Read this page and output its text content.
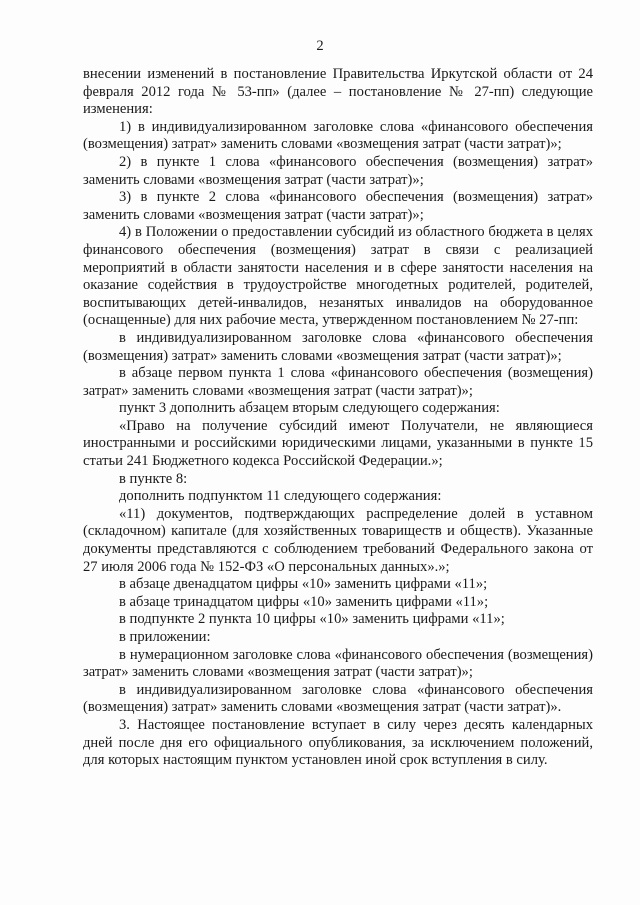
2

внесении изменений в постановление Правительства Иркутской области от 24 февраля 2012 года № 53-пп» (далее – постановление № 27-пп) следующие изменения:

1) в индивидуализированном заголовке слова «финансового обеспечения (возмещения) затрат» заменить словами «возмещения затрат (части затрат)»;

2) в пункте 1 слова «финансового обеспечения (возмещения) затрат» заменить словами «возмещения затрат (части затрат)»;

3) в пункте 2 слова «финансового обеспечения (возмещения) затрат» заменить словами «возмещения затрат (части затрат)»;

4) в Положении о предоставлении субсидий из областного бюджета в целях финансового обеспечения (возмещения) затрат в связи с реализацией мероприятий в области занятости населения и в сфере занятости населения на оказание содействия в трудоустройстве многодетных родителей, родителей, воспитывающих детей-инвалидов, незанятых инвалидов на оборудованное (оснащенные) для них рабочие места, утвержденном постановлением № 27-пп:

в индивидуализированном заголовке слова «финансового обеспечения (возмещения) затрат» заменить словами «возмещения затрат (части затрат)»;

в абзаце первом пункта 1 слова «финансового обеспечения (возмещения) затрат» заменить словами «возмещения затрат (части затрат)»;

пункт 3 дополнить абзацем вторым следующего содержания:

«Право на получение субсидий имеют Получатели, не являющиеся иностранными и российскими юридическими лицами, указанными в пункте 15 статьи 241 Бюджетного кодекса Российской Федерации.»;

в пункте 8:

дополнить подпунктом 11 следующего содержания:

«11) документов, подтверждающих распределение долей в уставном (складочном) капитале (для хозяйственных товариществ и обществ). Указанные документы представляются с соблюдением требований Федерального закона от 27 июля 2006 года № 152-ФЗ «О персональных данных».»;

в абзаце двенадцатом цифры «10» заменить цифрами «11»;

в абзаце тринадцатом цифры «10» заменить цифрами «11»;

в подпункте 2 пункта 10 цифры «10» заменить цифрами «11»;

в приложении:

в нумерационном заголовке слова «финансового обеспечения (возмещения) затрат» заменить словами «возмещения затрат (части затрат)»;

в индивидуализированном заголовке слова «финансового обеспечения (возмещения) затрат» заменить словами «возмещения затрат (части затрат)».

3. Настоящее постановление вступает в силу через десять календарных дней после дня его официального опубликования, за исключением положений, для которых настоящим пунктом установлен иной срок вступления в силу.
